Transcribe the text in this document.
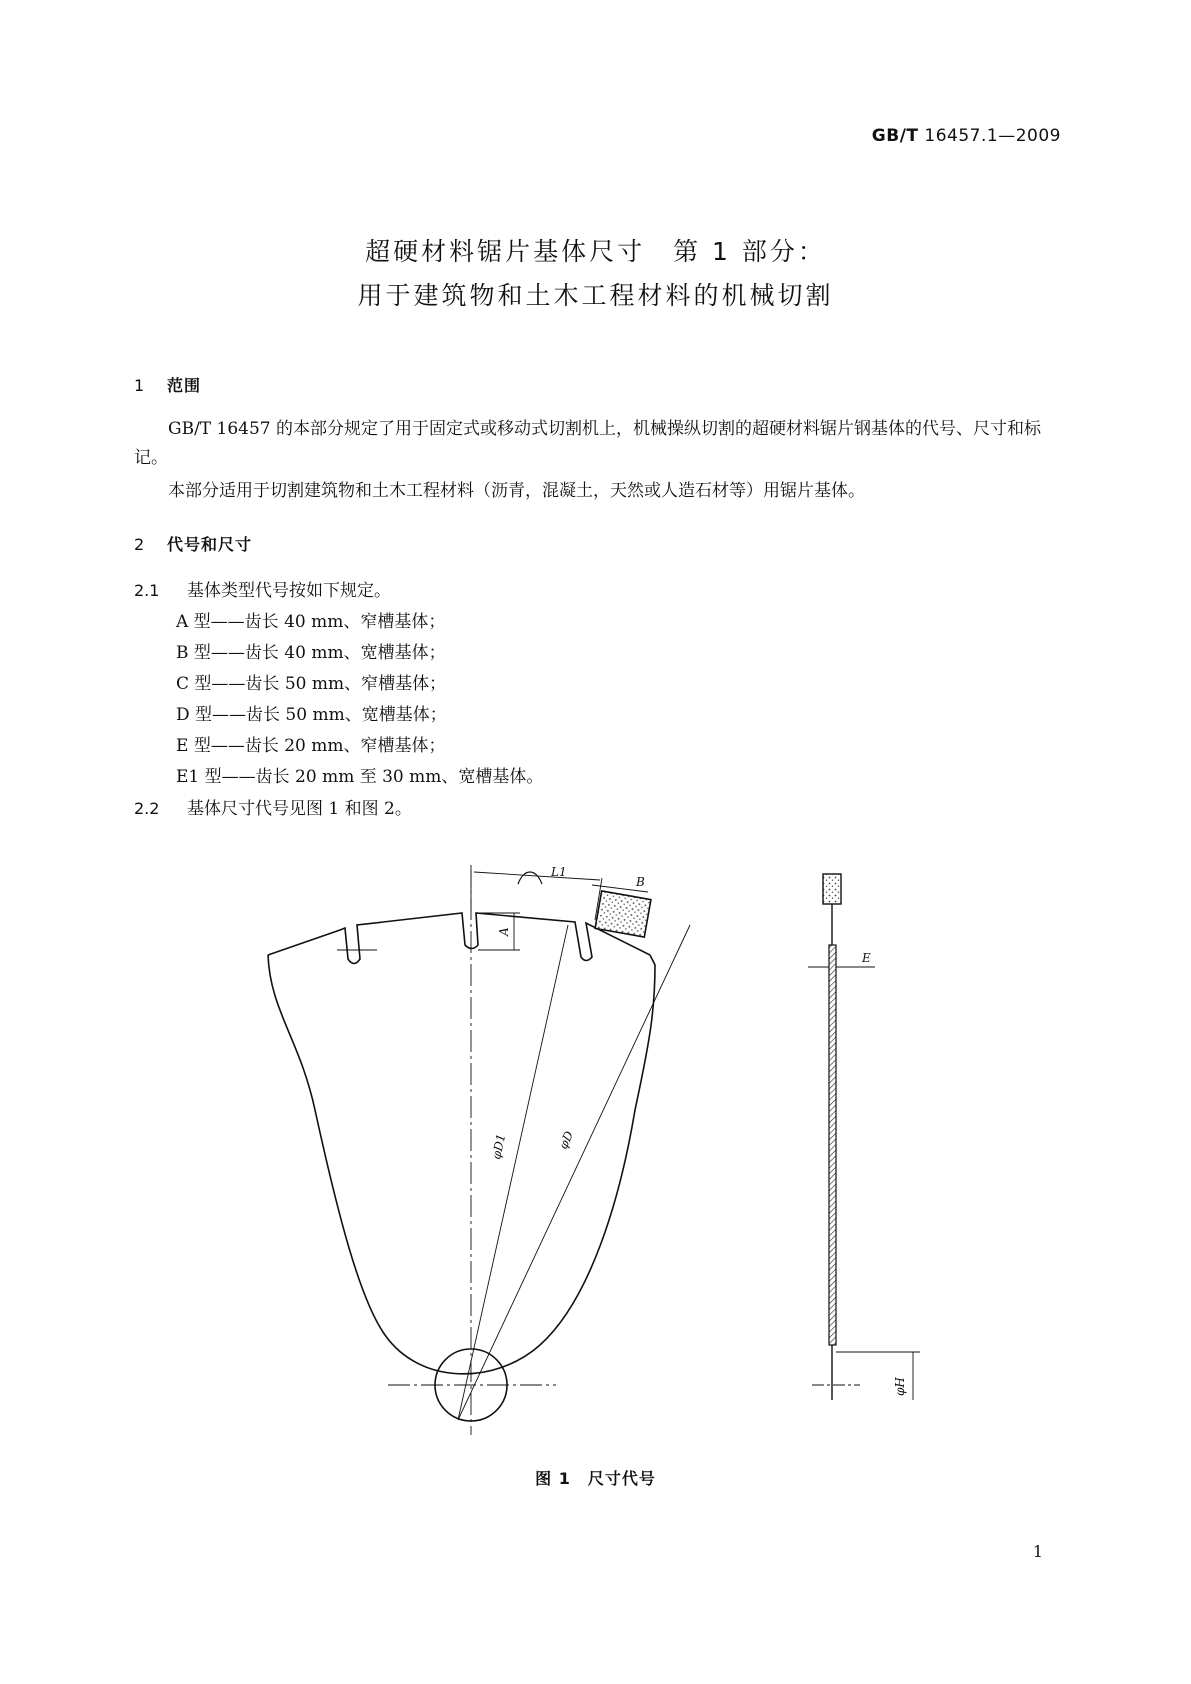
GB/T 16457.1—2009
超硬材料锯片基体尺寸　第 1 部分：
用于建筑物和土木工程材料的机械切割
1 范围
GB/T 16457 的本部分规定了用于固定式或移动式切割机上，机械操纵切割的超硬材料锯片钢基体的代号、尺寸和标记。
本部分适用于切割建筑物和土木工程材料（沥青，混凝土，天然或人造石材等）用锯片基体。
2 代号和尺寸
2.1 基体类型代号按如下规定。
A 型——齿长 40 mm、窄槽基体；
B 型——齿长 40 mm、宽槽基体；
C 型——齿长 50 mm、窄槽基体；
D 型——齿长 50 mm、宽槽基体；
E 型——齿长 20 mm、窄槽基体；
E1 型——齿长 20 mm 至 30 mm、宽槽基体。
2.2 基体尺寸代号见图 1 和图 2。
L1
B
A
φD1	φD
E
φH
图 1　尺寸代号
1
